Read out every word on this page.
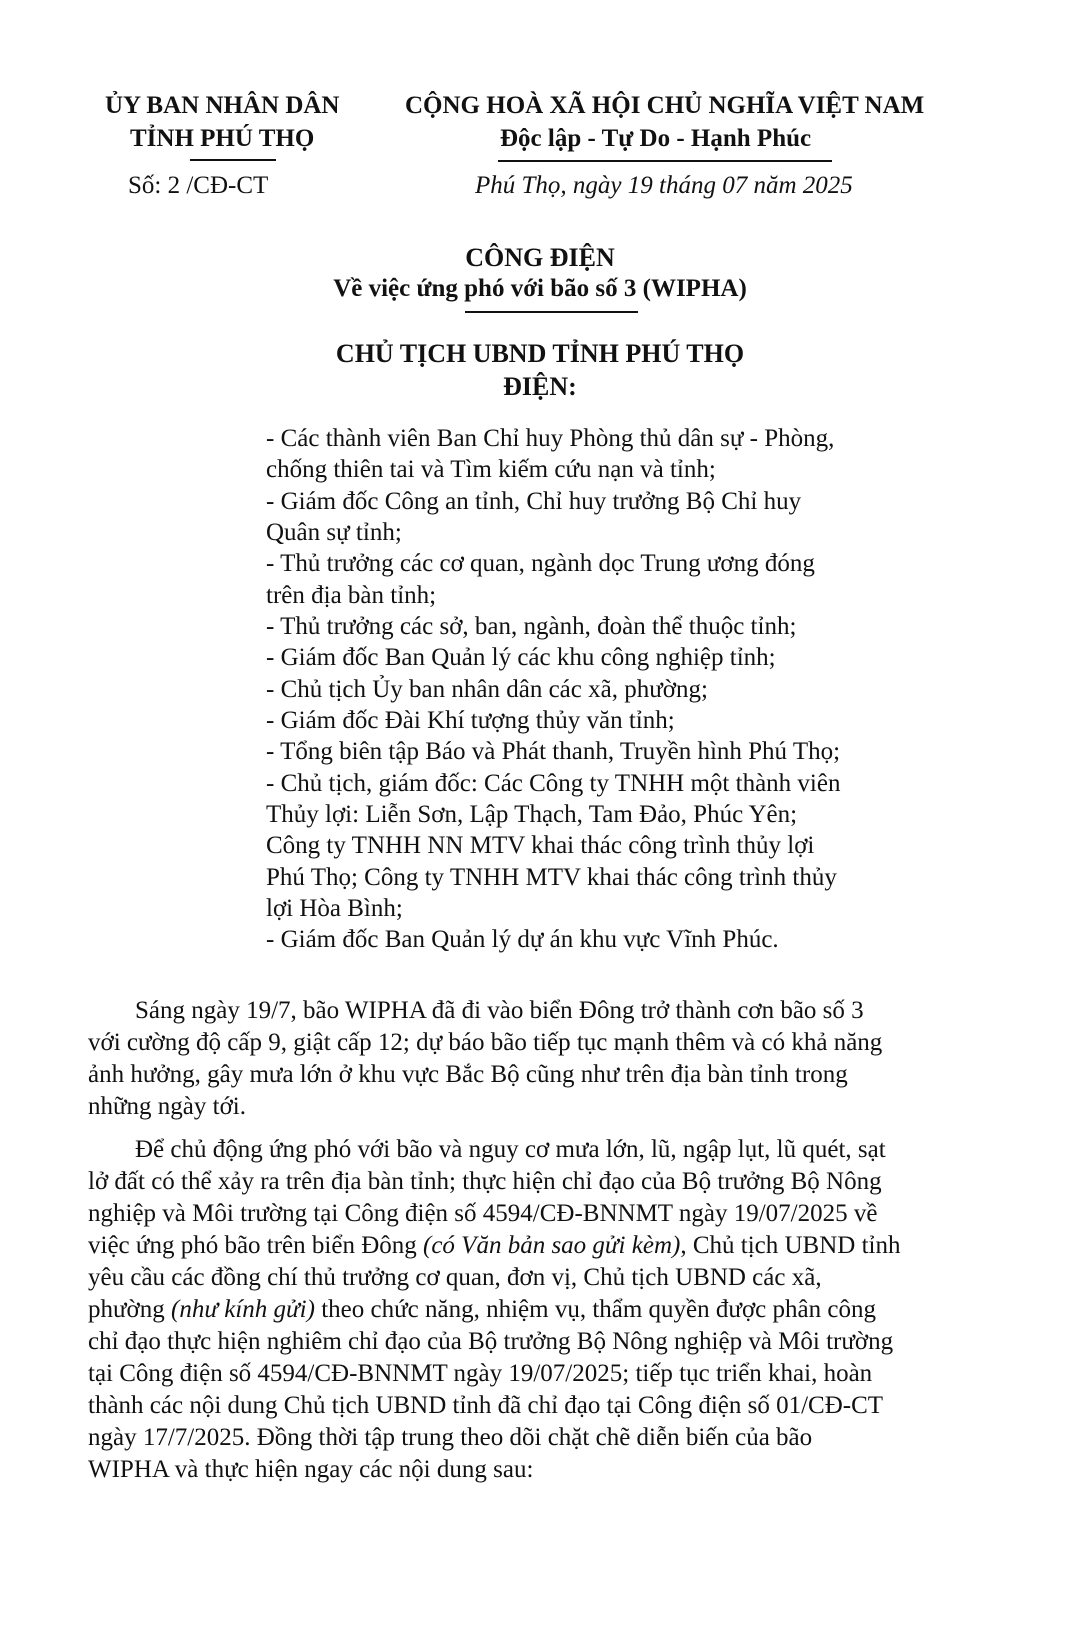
ỦY BAN NHÂN DÂN
TỈNH PHÚ THỌ
CỘNG HOÀ XÃ HỘI CHỦ NGHĨA VIỆT NAM
Độc lập - Tự Do - Hạnh Phúc
Số: 2 /CĐ-CT	Phú Thọ, ngày 19 tháng 07 năm 2025
CÔNG ĐIỆN
Về việc ứng phó với bão số 3 (WIPHA)
CHỦ TỊCH UBND TỈNH PHÚ THỌ
ĐIỆN:
- Các thành viên Ban Chỉ huy Phòng thủ dân sự - Phòng,
chống thiên tai và Tìm kiếm cứu nạn và tỉnh;
- Giám đốc Công an tỉnh, Chỉ huy trưởng Bộ Chỉ huy
Quân sự tỉnh;
- Thủ trưởng các cơ quan, ngành dọc Trung ương đóng
trên địa bàn tỉnh;
- Thủ trưởng các sở, ban, ngành, đoàn thể thuộc tỉnh;
- Giám đốc Ban Quản lý các khu công nghiệp tỉnh;
- Chủ tịch Ủy ban nhân dân các xã, phường;
- Giám đốc Đài Khí tượng thủy văn tỉnh;
- Tổng biên tập Báo và Phát thanh, Truyền hình Phú Thọ;
- Chủ tịch, giám đốc: Các Công ty TNHH một thành viên
Thủy lợi: Liễn Sơn, Lập Thạch, Tam Đảo, Phúc Yên;
Công ty TNHH NN MTV khai thác công trình thủy lợi
Phú Thọ; Công ty TNHH MTV khai thác công trình thủy
lợi Hòa Bình;
- Giám đốc Ban Quản lý dự án khu vực Vĩnh Phúc.
Sáng ngày 19/7, bão WIPHA đã đi vào biển Đông trở thành cơn bão số 3
với cường độ cấp 9, giật cấp 12; dự báo bão tiếp tục mạnh thêm và có khả năng
ảnh hưởng, gây mưa lớn ở khu vực Bắc Bộ cũng như trên địa bàn tỉnh trong
những ngày tới.
Để chủ động ứng phó với bão và nguy cơ mưa lớn, lũ, ngập lụt, lũ quét, sạt
lở đất có thể xảy ra trên địa bàn tỉnh; thực hiện chỉ đạo của Bộ trưởng Bộ Nông
nghiệp và Môi trường tại Công điện số 4594/CĐ-BNNMT ngày 19/07/2025 về
việc ứng phó bão trên biển Đông (có Văn bản sao gửi kèm), Chủ tịch UBND tỉnh
yêu cầu các đồng chí thủ trưởng cơ quan, đơn vị, Chủ tịch UBND các xã,
phường (như kính gửi) theo chức năng, nhiệm vụ, thẩm quyền được phân công
chỉ đạo thực hiện nghiêm chỉ đạo của Bộ trưởng Bộ Nông nghiệp và Môi trường
tại Công điện số 4594/CĐ-BNNMT ngày 19/07/2025; tiếp tục triển khai, hoàn
thành các nội dung Chủ tịch UBND tỉnh đã chỉ đạo tại Công điện số 01/CĐ-CT
ngày 17/7/2025. Đồng thời tập trung theo dõi chặt chẽ diễn biến của bão
WIPHA và thực hiện ngay các nội dung sau:
